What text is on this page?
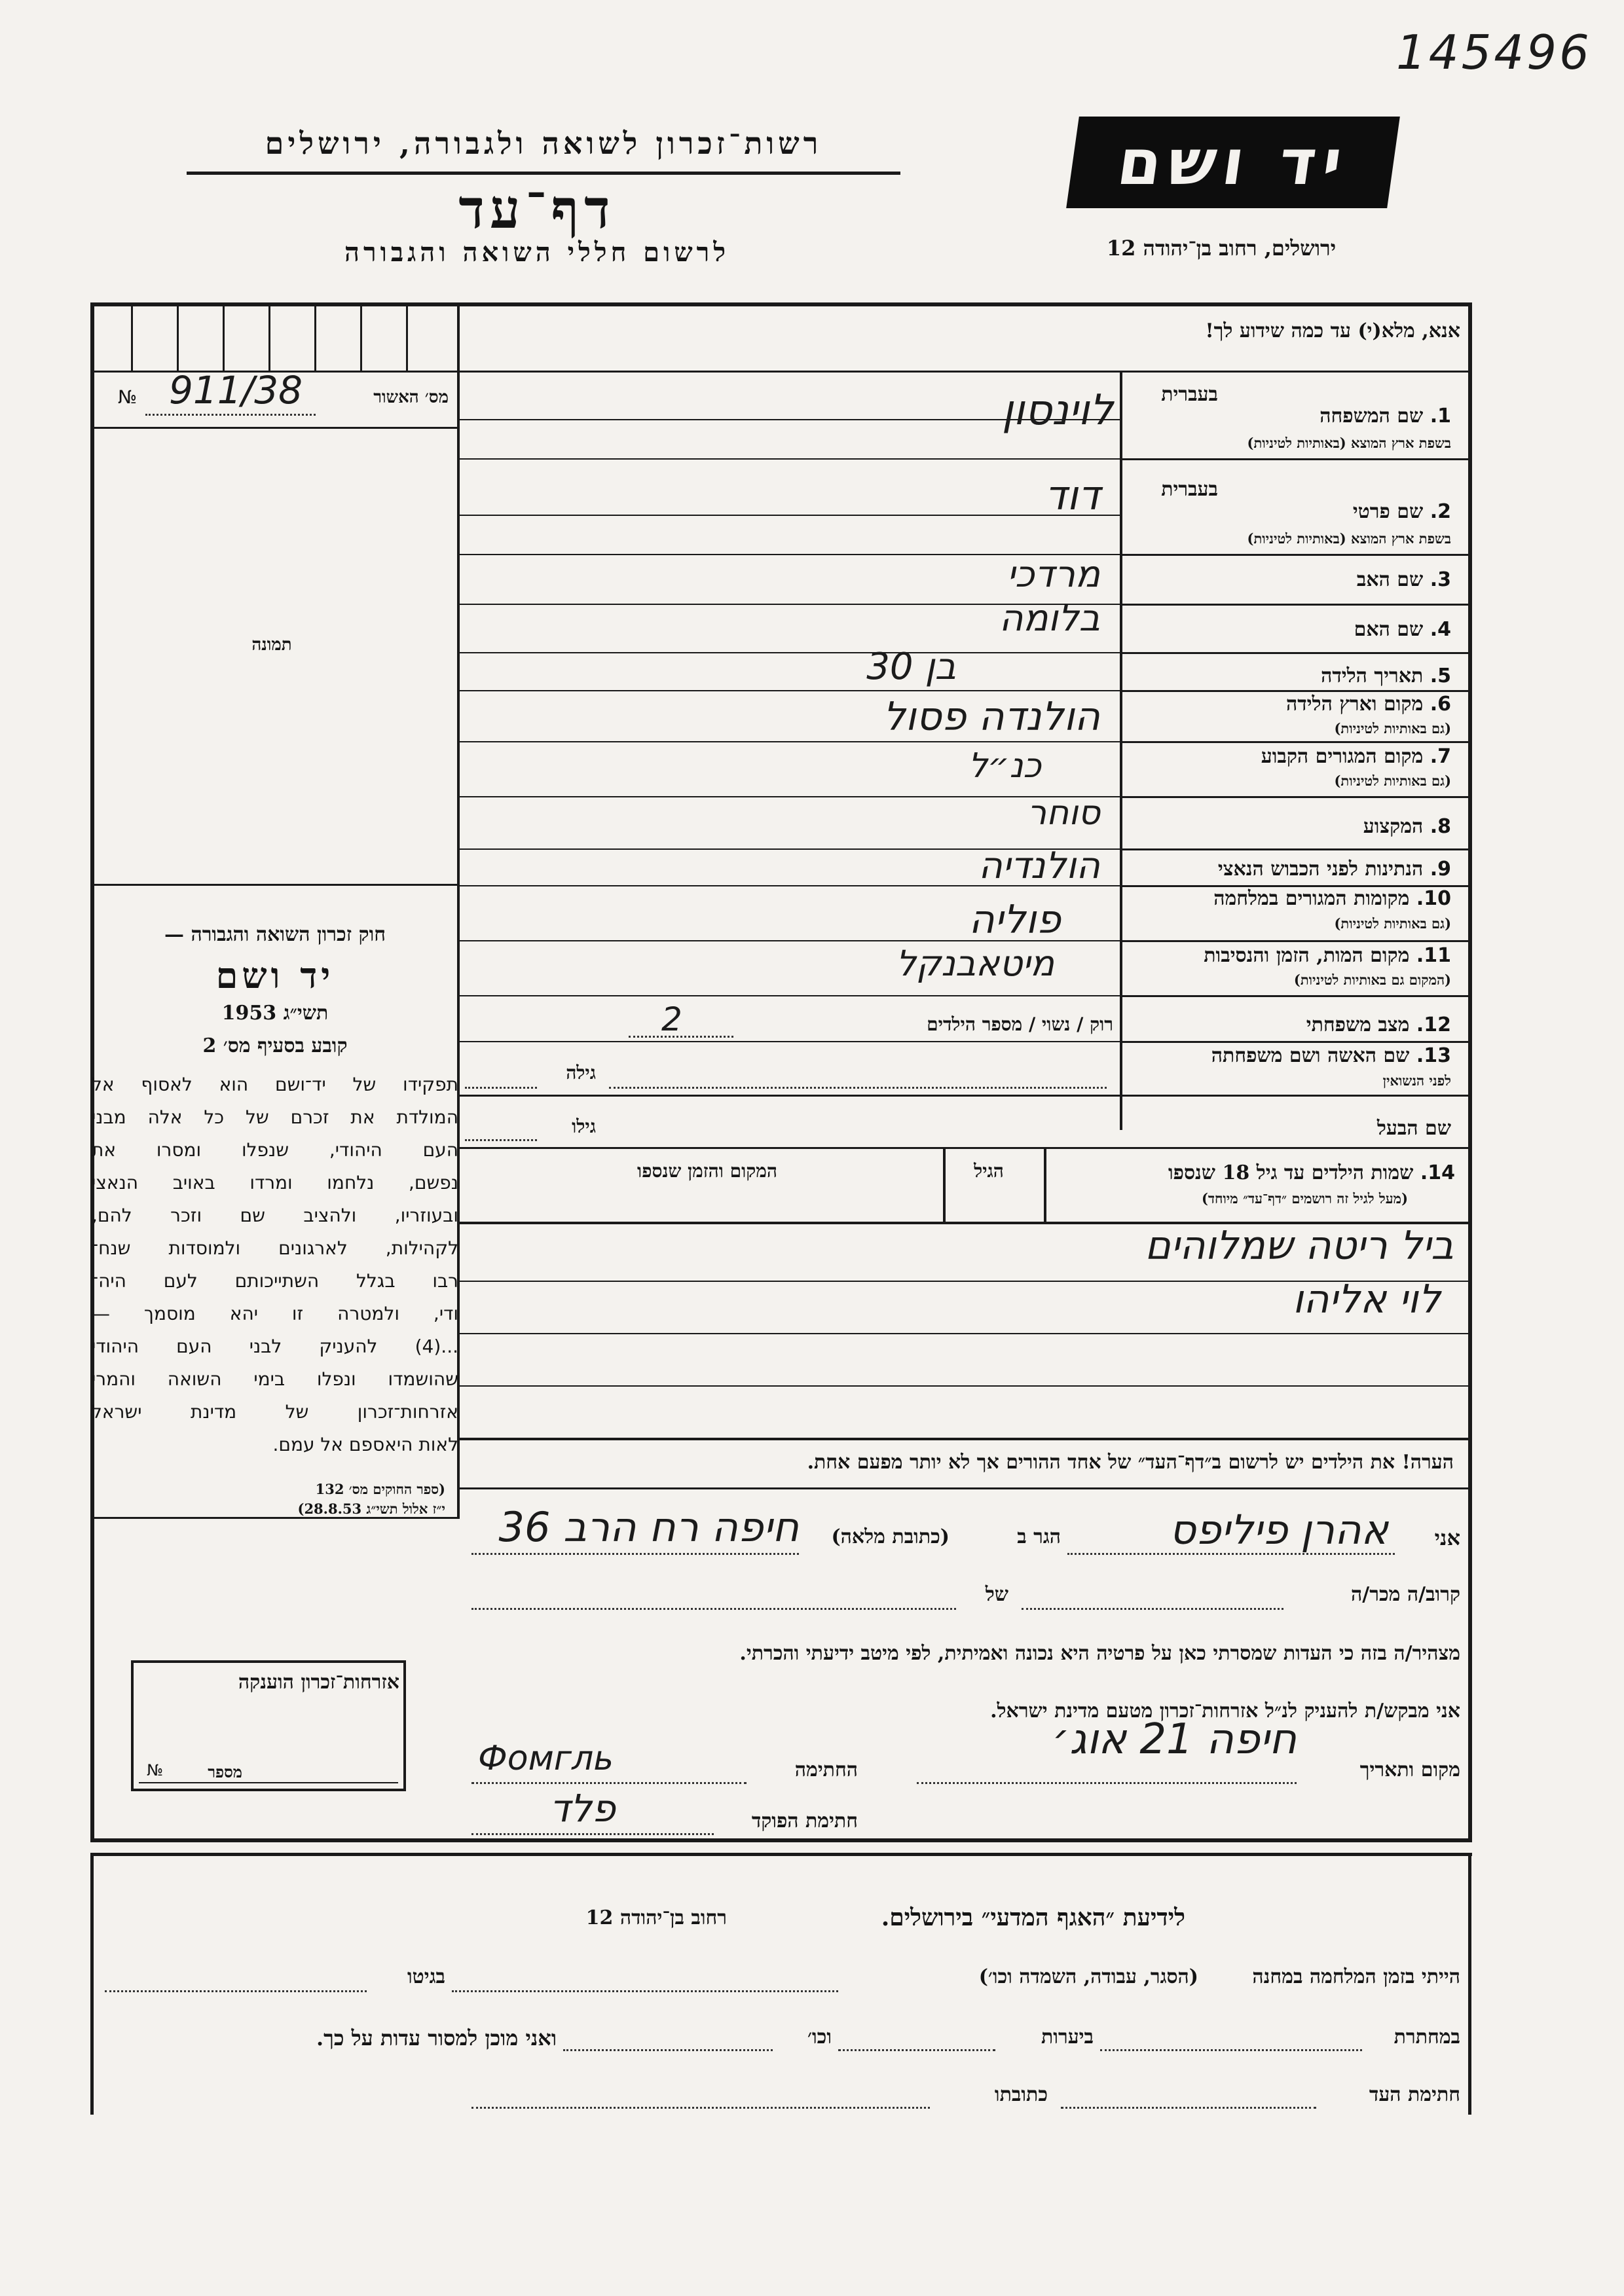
145496
רשות־זכרון לשואה ולגבורה, ירושלים
דף־עד
לרשום חללי השואה והגבורה
יד ושם
ירושלים, רחוב בן־יהודה 12
מס׳ האשור
№ 911/38
תמונה
חוק זכרון השואה והגבורה —
יד ושם
תשי״ג 1953
קובע בסעיף מס׳ 2
תפקידו של יד־ושם הוא לאסוף אל
המולדת את זכרם של כל אלה מבני
העם היהודי, שנפלו ומסרו את
נפשם, נלחמו ומרדו באויב הנאצי
ובעוזריו, ולהציב שם וזכר להם,
לקהילות, לארגונים ולמוסדות שנח־
רבו בגלל השתייכותם לעם היה־
ודי, ולמטרה זו יהא מוסמך —
...(4) להעניק לבני העם היהודי
שהושמדו ונפלו בימי השואה והמרי
אזרחות־זכרון של מדינת ישראל
לאות היאספם אל עמם.
(ספר החוקים מס׳ 132
י״ז אלול תשי״ג 28.8.53)
אנא, מלא(י) עד כמה שידוע לך!
1. שם המשפחה
בשפת ארץ המוצא (באותיות לטיניות)
בעברית
2. שם פרטי
בשפת ארץ המוצא (באותיות לטיניות)
בעברית
3. שם האב
4. שם האם
5. תאריך הלידה
6. מקום וארץ הלידה
(גם באותיות לטיניות)
7. מקום המגורים הקבוע
(גם באותיות לטיניות)
8. המקצוע
9. הנתינות לפני הכבוש הנאצי
10. מקומות המגורים במלחמה
(גם באותיות לטיניות)
11. מקום המות, הזמן והנסיבות
(המקום גם באותיות לטיניות)
12. מצב משפחתי
13. שם האשה ושם משפחתה
לפני הנשואין
לוינסון
דוד
מרדכי
בלומה
בן 30
הולנדה פסול
כנ״ל
סוחר
הולנדיה
פוליה
מיטאבנקל
רוק / נשוי / מספר הילדים
2
גילה
שם הבעל
גילו
14. שמות הילדים עד גיל 18 שנספו
(מעל לגיל זה רושמים ״דף־עד״ מיוחד)
הגיל
המקום והזמן שנספו
ביל ריטה שמלוהים
לוי אליהו
הערה! את הילדים יש לרשום ב״דף־העד״ של אחד ההורים אך לא יותר מפעם אחת.
אני
אהרן פיליפס
הגר ב
(כתובת מלאה)
חיפה רח הרב 36
קרוב/ה מכר/ה
של
מצהיר/ה בזה כי העדות שמסרתי כאן על פרטיה היא נכונה ואמיתית, לפי מיטב ידיעתי והכרתי.
אני מבקש/ת להעניק לנ״ל אזרחות־זכרון מטעם מדינת ישראל.
מקום ותאריך
חיפה 21 אוג׳
החתימה
Фомгль
חתימת הפוקד
פלד
אזרחות־זכרון הוענקה
מספר
№
לידיעת ״האגף המדעי״ בירושלים.
רחוב בן־יהודה 12
הייתי בזמן המלחמה במחנה
(הסגר, עבודה, השמדה וכו׳)
בגיטו
במחתרת
ביערות
וכו׳
ואני מוכן למסור עדות על כך.
חתימת העד
כתובתו
